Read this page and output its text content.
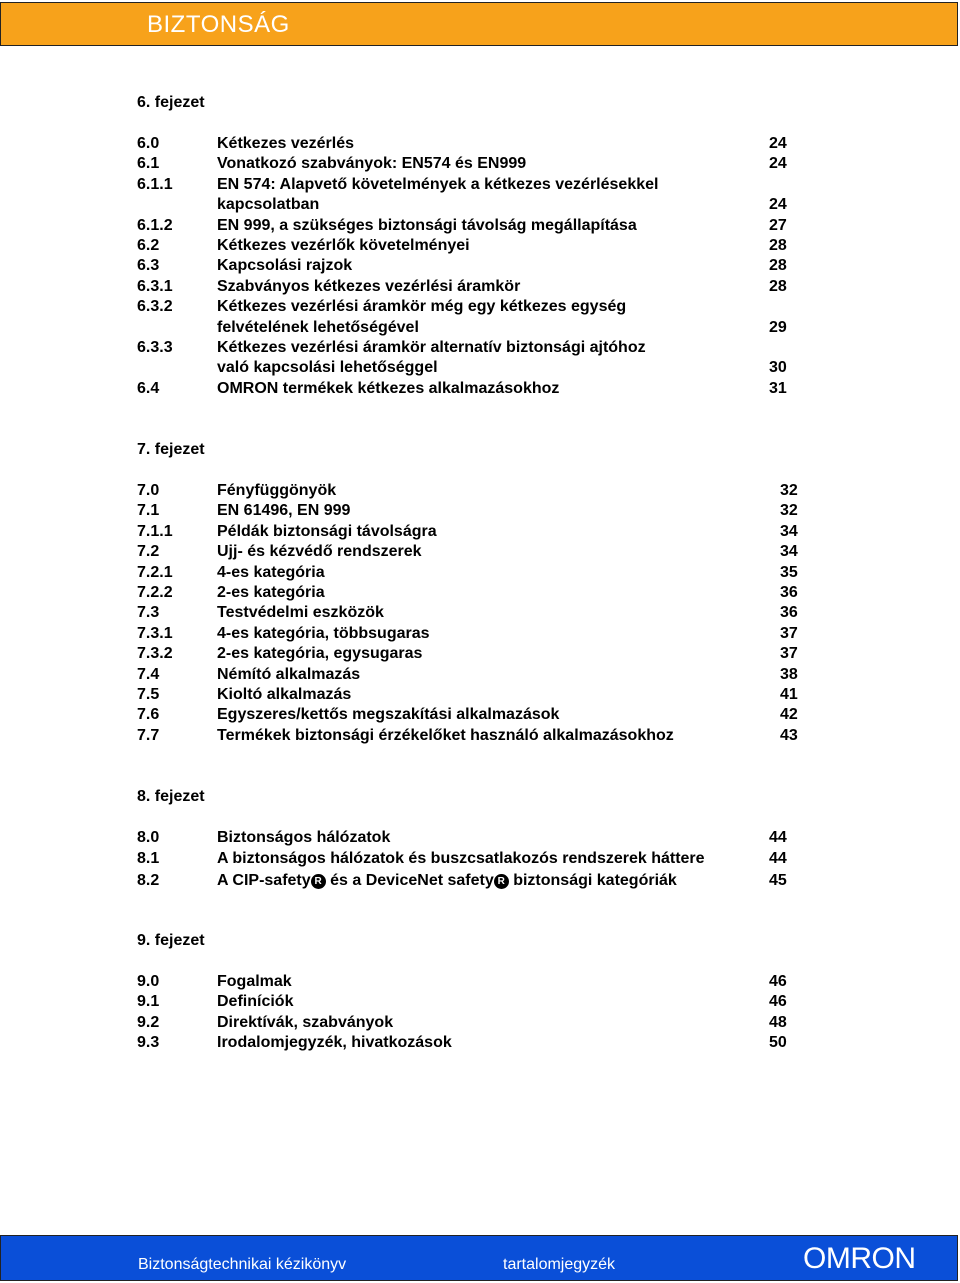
BIZTONSÁG
6. fejezet
6.0	Kétkezes vezérlés	24
6.1	Vonatkozó szabványok: EN574 és EN999	24
6.1.1	EN 574: Alapvető követelmények a kétkezes vezérlésekkel
kapcsolatban	24
6.1.2	EN 999, a szükséges biztonsági távolság megállapítása	27
6.2	Kétkezes vezérlők követelményei	28
6.3	Kapcsolási rajzok	28
6.3.1	Szabványos kétkezes vezérlési áramkör	28
6.3.2	Kétkezes vezérlési áramkör még egy kétkezes egység
felvételének lehetőségével	29
6.3.3	Kétkezes vezérlési áramkör alternatív biztonsági ajtóhoz
való kapcsolási lehetőséggel	30
6.4	OMRON termékek kétkezes alkalmazásokhoz	31
7. fejezet
7.0	Fényfüggönyök	32
7.1	EN 61496, EN 999	32
7.1.1	Példák biztonsági távolságra	34
7.2	Ujj- és kézvédő rendszerek	34
7.2.1	4-es kategória	35
7.2.2	2-es kategória	36
7.3	Testvédelmi eszközök	36
7.3.1	4-es kategória, többsugaras	37
7.3.2	2-es kategória, egysugaras	37
7.4	Némító alkalmazás	38
7.5	Kioltó alkalmazás	41
7.6	Egyszeres/kettős megszakítási alkalmazások	42
7.7	Termékek biztonsági érzékelőket használó alkalmazásokhoz	43
8. fejezet
8.0	Biztonságos hálózatok	44
8.1	A biztonságos hálózatok és buszcsatlakozós rendszerek háttere	44
8.2	A CIP-safety R és a DeviceNet safety R biztonsági kategóriák	45
9. fejezet
9.0	Fogalmak	46
9.1	Definíciók	46
9.2	Direktívák, szabványok	48
9.3	Irodalomjegyzék, hivatkozások	50
Biztonságtechnikai kézikönyv	tartalomjegyzék	OMRON
